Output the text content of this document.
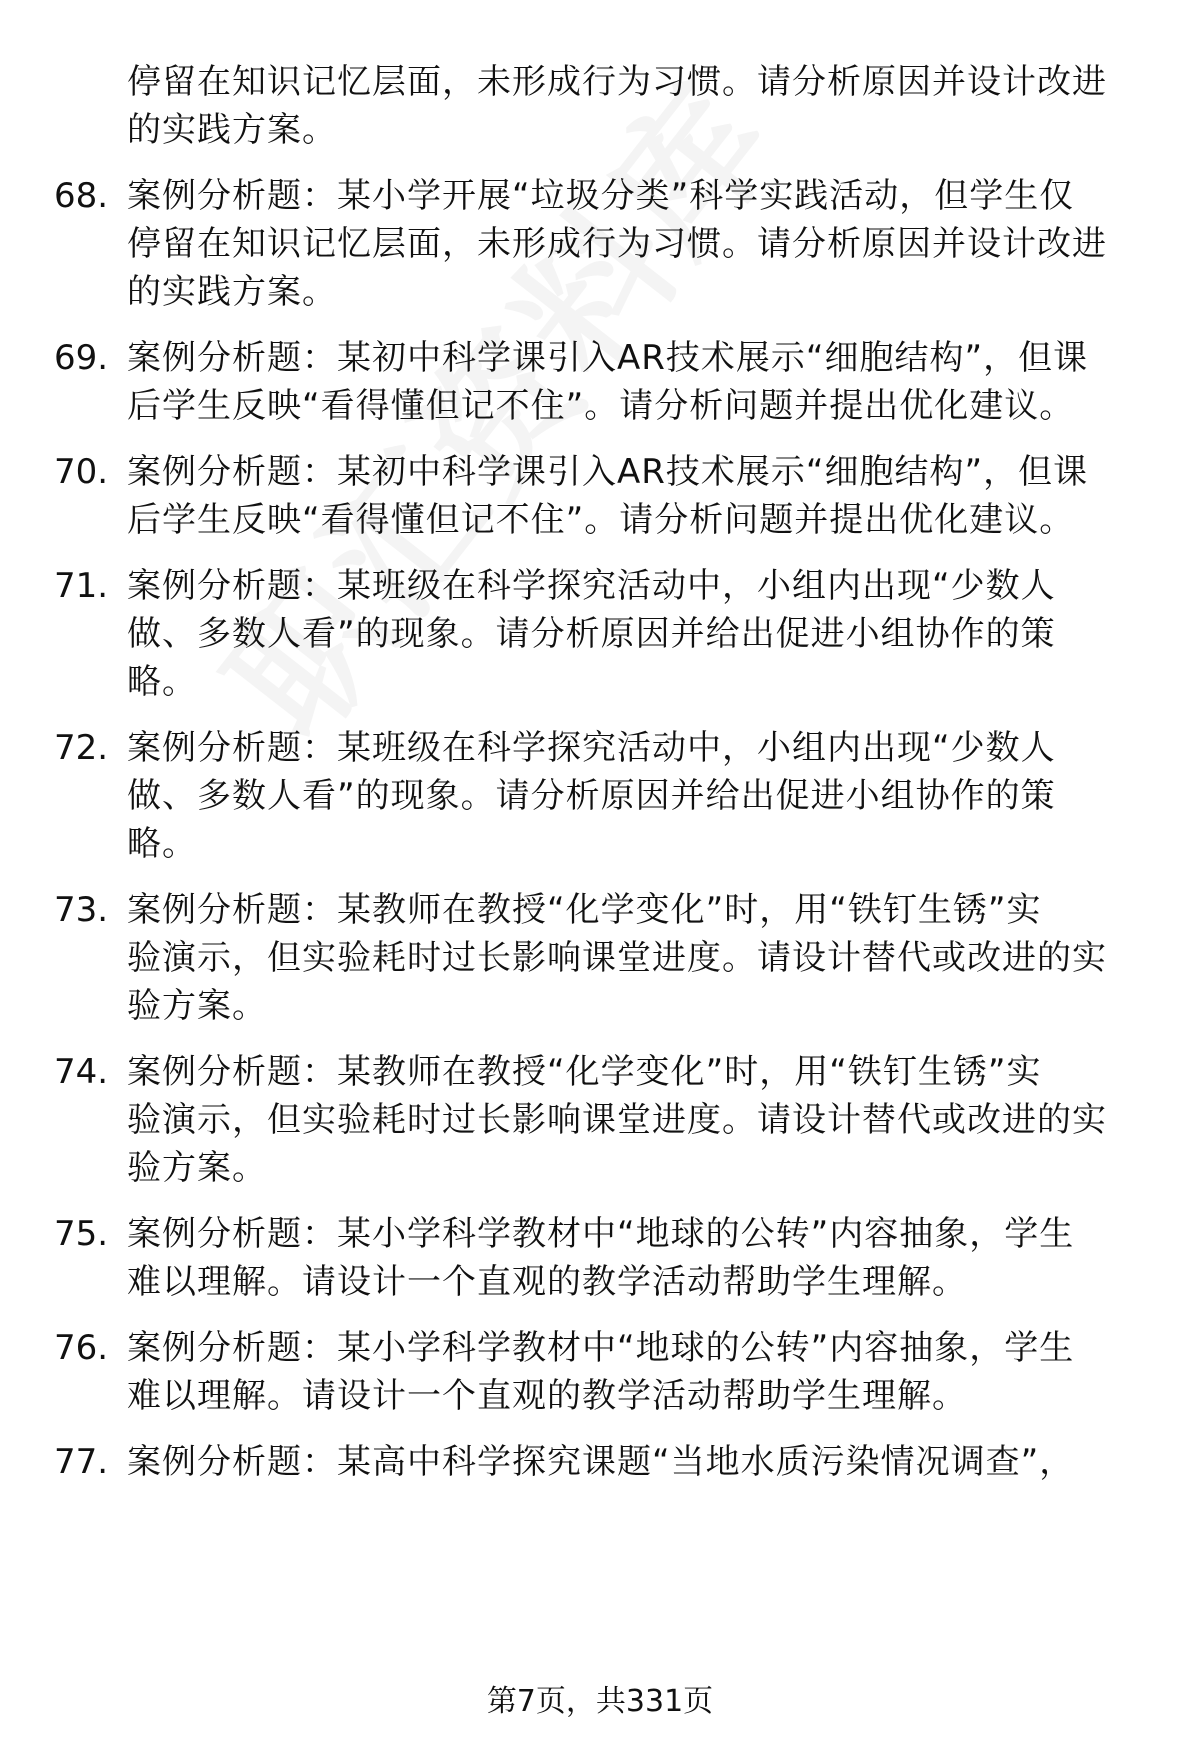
停留在知识记忆层面，未形成行为习惯。请分析原因并设计改进
的实践方案。
68. 案例分析题：某小学开展“垃圾分类”科学实践活动，但学生仅
停留在知识记忆层面，未形成行为习惯。请分析原因并设计改进
的实践方案。
69. 案例分析题：某初中科学课引入AR技术展示“细胞结构”，但课
后学生反映“看得懂但记不住”。请分析问题并提出优化建议。
70. 案例分析题：某初中科学课引入AR技术展示“细胞结构”，但课
后学生反映“看得懂但记不住”。请分析问题并提出优化建议。
71. 案例分析题：某班级在科学探究活动中，小组内出现“少数人
做、多数人看”的现象。请分析原因并给出促进小组协作的策
略。
72. 案例分析题：某班级在科学探究活动中，小组内出现“少数人
做、多数人看”的现象。请分析原因并给出促进小组协作的策
略。
73. 案例分析题：某教师在教授“化学变化”时，用“铁钉生锈”实
验演示，但实验耗时过长影响课堂进度。请设计替代或改进的实
验方案。
74. 案例分析题：某教师在教授“化学变化”时，用“铁钉生锈”实
验演示，但实验耗时过长影响课堂进度。请设计替代或改进的实
验方案。
75. 案例分析题：某小学科学教材中“地球的公转”内容抽象，学生
难以理解。请设计一个直观的教学活动帮助学生理解。
76. 案例分析题：某小学科学教材中“地球的公转”内容抽象，学生
难以理解。请设计一个直观的教学活动帮助学生理解。
77. 案例分析题：某高中科学探究课题“当地水质污染情况调查”，
第7页，共331页
